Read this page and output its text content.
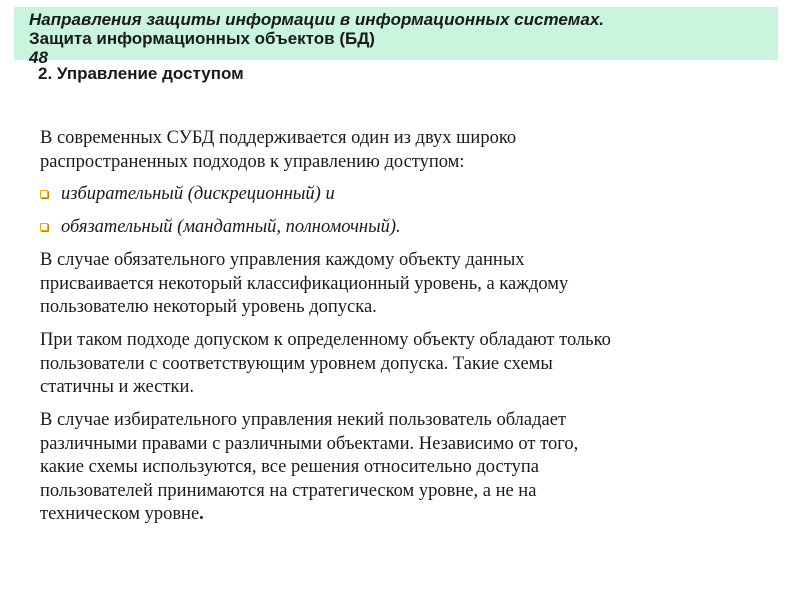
Направления защиты информации в информационных системах.
Защита информационных объектов (БД)
48
2. Управление доступом
В современных СУБД поддерживается один из двух широко
распространенных подходов к управлению доступом:
избирательный (дискреционный) и
обязательный (мандатный, полномочный).
В случае обязательного управления каждому объекту данных
присваивается некоторый классификационный уровень, а каждому
пользователю некоторый уровень допуска.
При таком подходе допуском к определенному объекту обладают только
пользователи с соответствующим уровнем допуска. Такие схемы
статичны и жестки.
В случае избирательного управления некий пользователь обладает
различными правами с различными объектами. Независимо от того,
какие схемы используются, все решения относительно доступа
пользователей принимаются на стратегическом уровне, а не на
техническом уровне.
